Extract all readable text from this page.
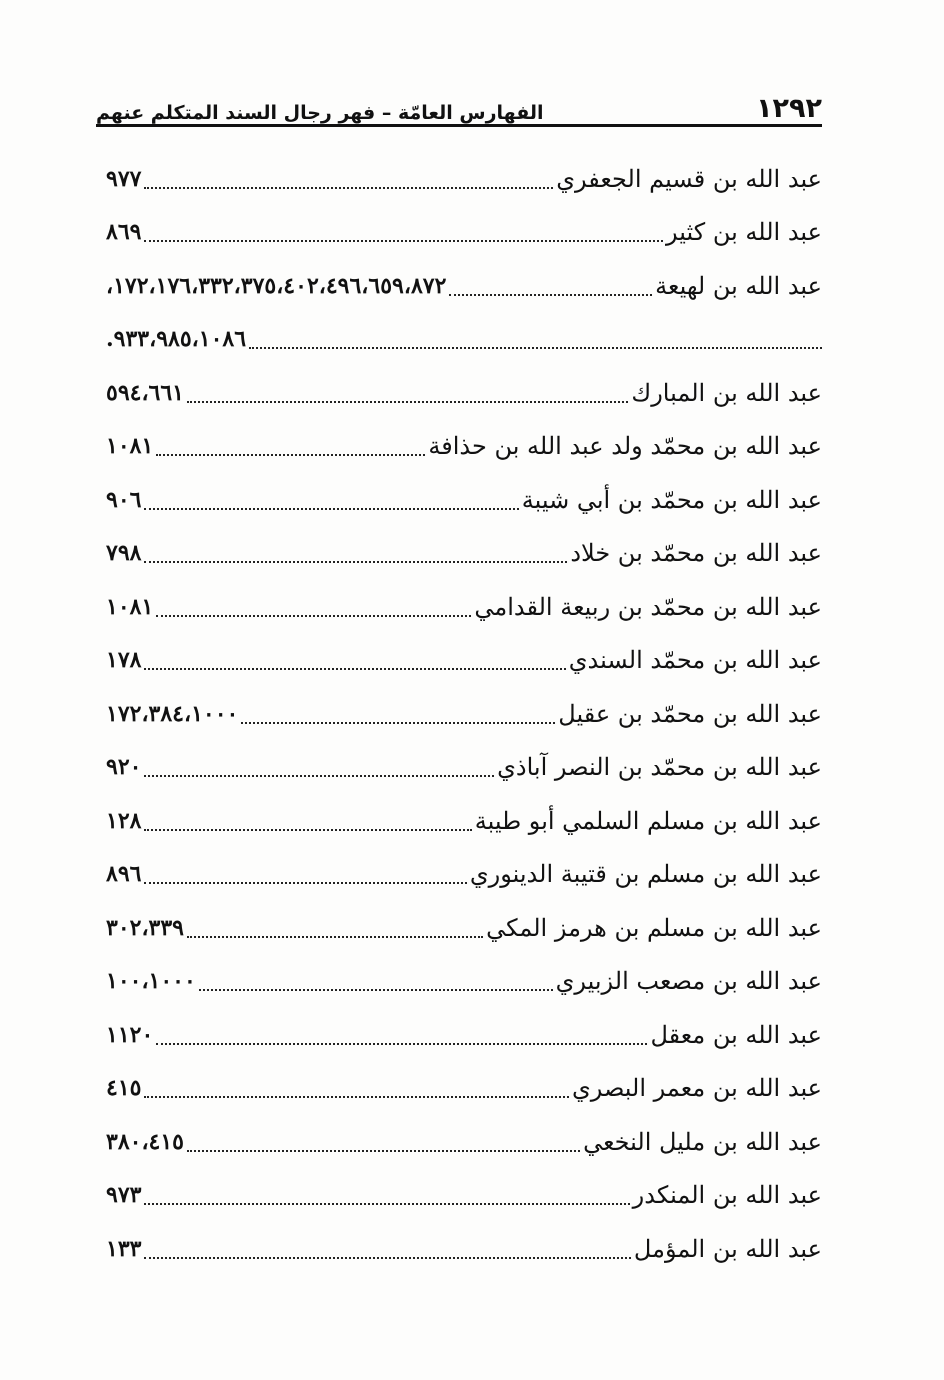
١٢٩٢
الفهارس العامّة – فهر رجال السند المتكلم عنهم
عبد الله بن قسيم الجعفري
٩٧٧
عبد الله بن كثير
٨٦٩
عبد الله بن لهيعة
١٧٢،١٧٦،٣٣٢،٣٧٥،٤٠٢،٤٩٦،٦٥٩،٨٧٢،
٩٣٣،٩٨٥،١٠٨٦.
عبد الله بن المبارك
٥٩٤،٦٦١
عبد الله بن محمّد ولد عبد الله بن حذافة
١٠٨١
عبد الله بن محمّد بن أبي شيبة
٩٠٦
عبد الله بن محمّد بن خلاد
٧٩٨
عبد الله بن محمّد بن ربيعة القدامي
١٠٨١
عبد الله بن محمّد السندي
١٧٨
عبد الله بن محمّد بن عقيل
١٧٢،٣٨٤،١٠٠٠
عبد الله بن محمّد بن النصر آباذي
٩٢٠
عبد الله بن مسلم السلمي أبو طيبة
١٢٨
عبد الله بن مسلم بن قتيبة الدينوري
٨٩٦
عبد الله بن مسلم بن هرمز المكي
٣٠٢،٣٣٩
عبد الله بن مصعب الزبيري
١٠٠،١٠٠٠
عبد الله بن معقل
١١٢٠
عبد الله بن معمر البصري
٤١٥
عبد الله بن مليل النخعي
٣٨٠،٤١٥
عبد الله بن المنكدر
٩٧٣
عبد الله بن المؤمل
١٣٣
